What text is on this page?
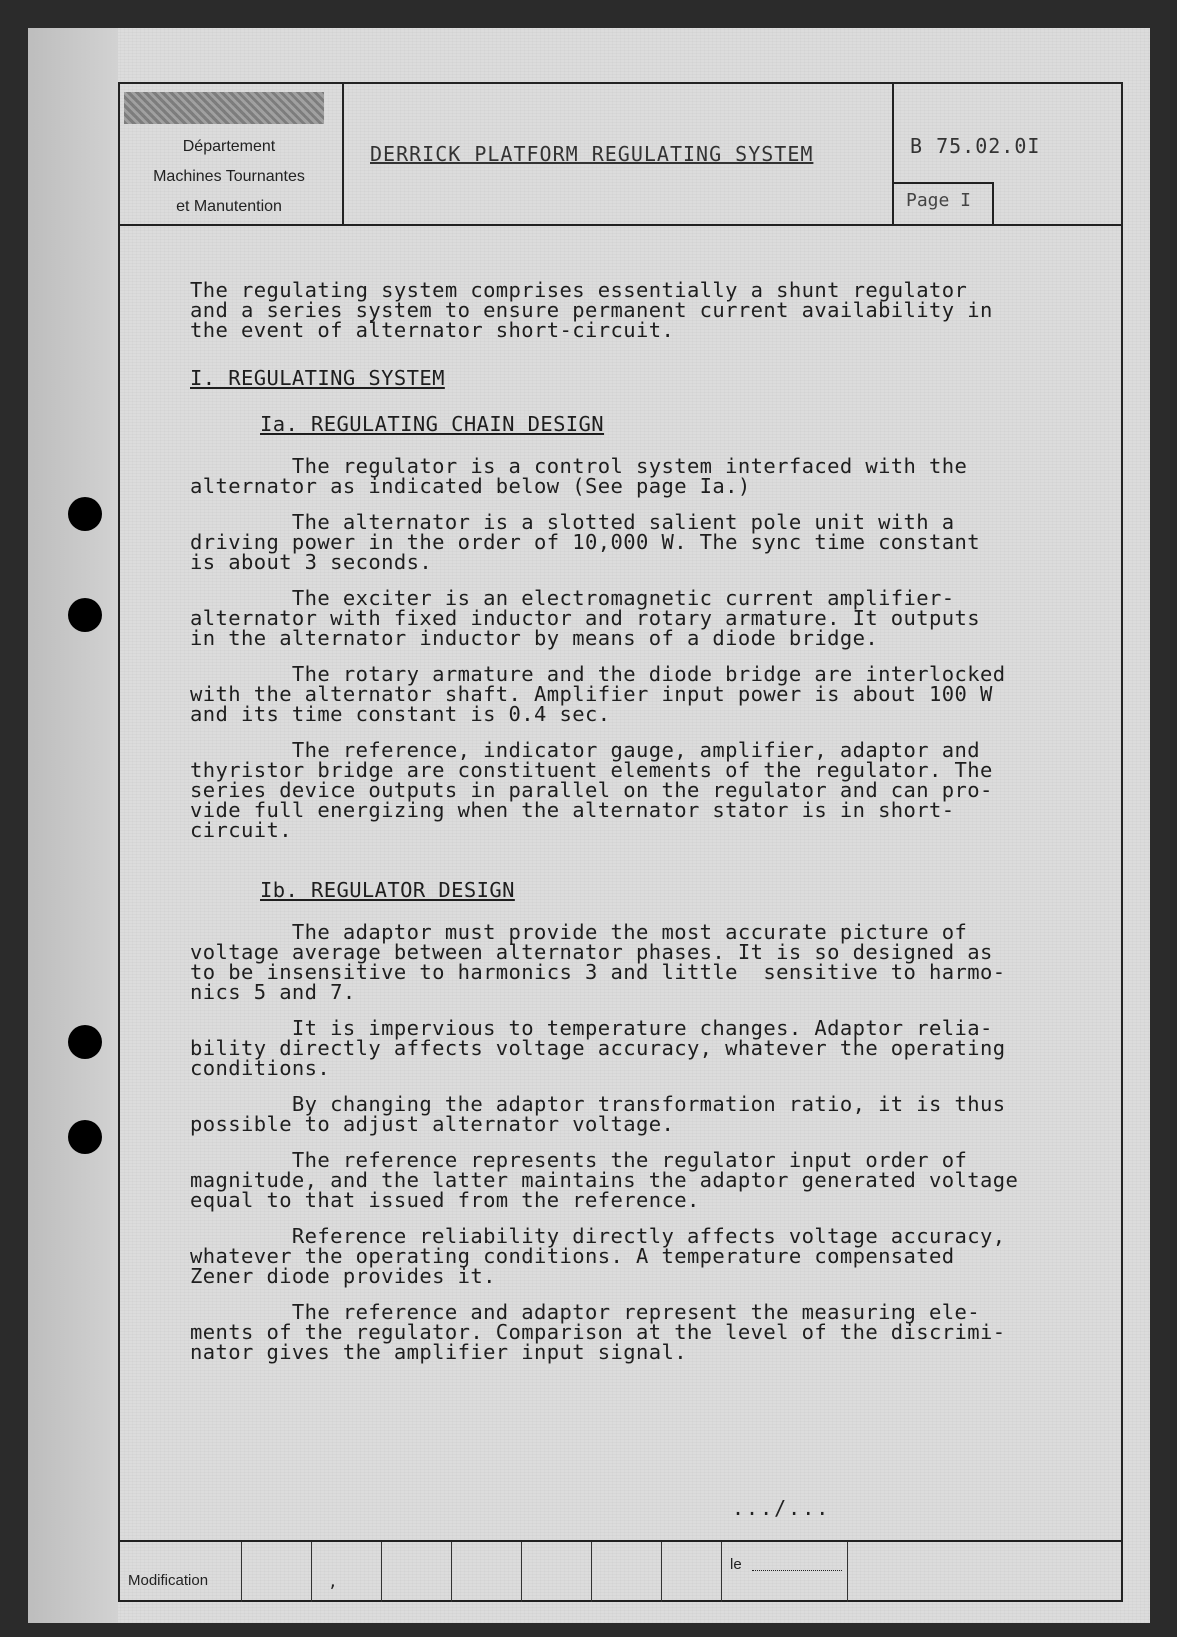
Département
Machines Tournantes
et Manutention
DERRICK PLATFORM REGULATING SYSTEM	B 75.02.0I
Page I

The regulating system comprises essentially a shunt regulator

and a series system to ensure permanent current availability in

the event of alternator short-circuit.

I. REGULATING SYSTEM

Ia. REGULATING CHAIN DESIGN

The regulator is a control system interfaced with the

alternator as indicated below (See page Ia.)

The alternator is a slotted salient pole unit with a

driving power in the order of 10,000 W. The sync time constant

is about 3 seconds.

The exciter is an electromagnetic current amplifier-

alternator with fixed inductor and rotary armature. It outputs

in the alternator inductor by means of a diode bridge.

The rotary armature and the diode bridge are interlocked

with the alternator shaft. Amplifier input power is about 100 W

and its time constant is 0.4 sec.

The reference, indicator gauge, amplifier, adaptor and

thyristor bridge are constituent elements of the regulator. The

series device outputs in parallel on the regulator and can pro-

vide full energizing when the alternator stator is in short-

circuit.

Ib. REGULATOR DESIGN

The adaptor must provide the most accurate picture of

voltage average between alternator phases. It is so designed as

to be insensitive to harmonics 3 and little  sensitive to harmo-

nics 5 and 7.

It is impervious to temperature changes. Adaptor relia-

bility directly affects voltage accuracy, whatever the operating

conditions.

By changing the adaptor transformation ratio, it is thus

possible to adjust alternator voltage.

The reference represents the regulator input order of

magnitude, and the latter maintains the adaptor generated voltage

equal to that issued from the reference.

Reference reliability directly affects voltage accuracy,

whatever the operating conditions. A temperature compensated

Zener diode provides it.

The reference and adaptor represent the measuring ele-

ments of the regulator. Comparison at the level of the discrimi-

nator gives the amplifier input signal.

.../...
Modification	,
le
